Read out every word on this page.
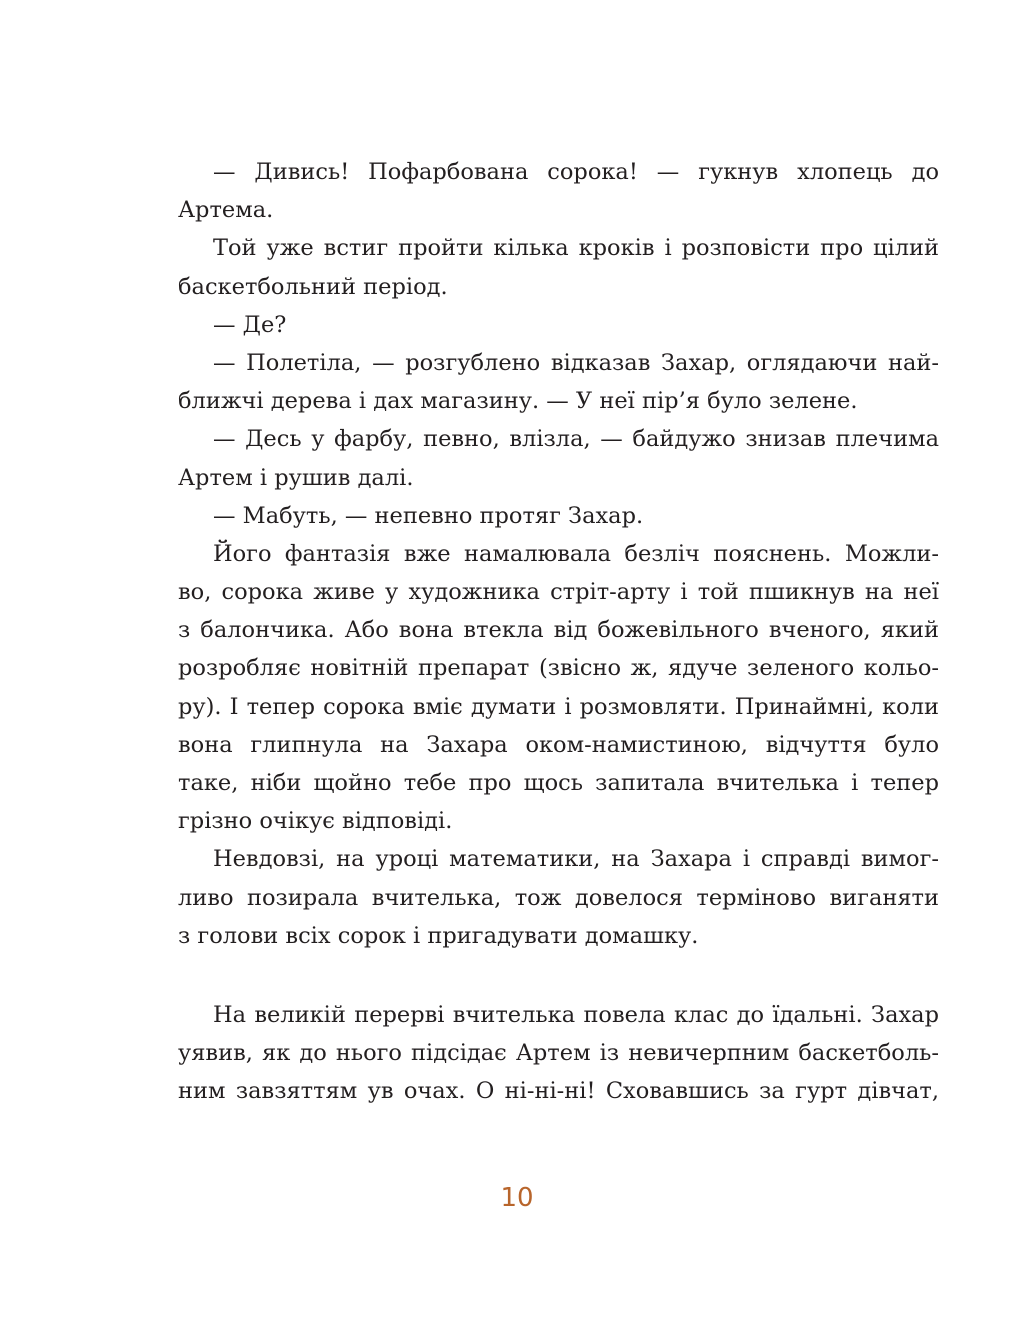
— Дивись! Пофарбована сорока! — гукнув хлопець до
Артема.
Той уже встиг пройти кілька кроків і розповісти про цілий
баскетбольний період.
— Де?
— Полетіла, — розгублено відказав Захар, оглядаючи най-
ближчі дерева і дах магазину. — У неї пір’я було зелене.
— Десь у фарбу, певно, влізла, — байдужо знизав плечима
Артем і рушив далі.
— Мабуть, — непевно протяг Захар.
Його фантазія вже намалювала безліч пояснень. Можли-
во, сорока живе у художника стріт-арту і той пшикнув на неї
з балончика. Або вона втекла від божевільного вченого, який
розробляє новітній препарат (звісно ж, ядуче зеленого кольо-
ру). І тепер сорока вміє думати і розмовляти. Принаймні, коли
вона глипнула на Захара оком-намистиною, відчуття було
таке, ніби щойно тебе про щось запитала вчителька і тепер
грізно очікує відповіді.
Невдовзі, на уроці математики, на Захара і справді вимог-
ливо позирала вчителька, тож довелося терміново виганяти
з голови всіх сорок і пригадувати домашку.
На великій перерві вчителька повела клас до їдальні. Захар
уявив, як до нього підсідає Артем із невичерпним баскетболь-
ним завзяттям ув очах. О ні-ні-ні! Сховавшись за гурт дівчат,
10
